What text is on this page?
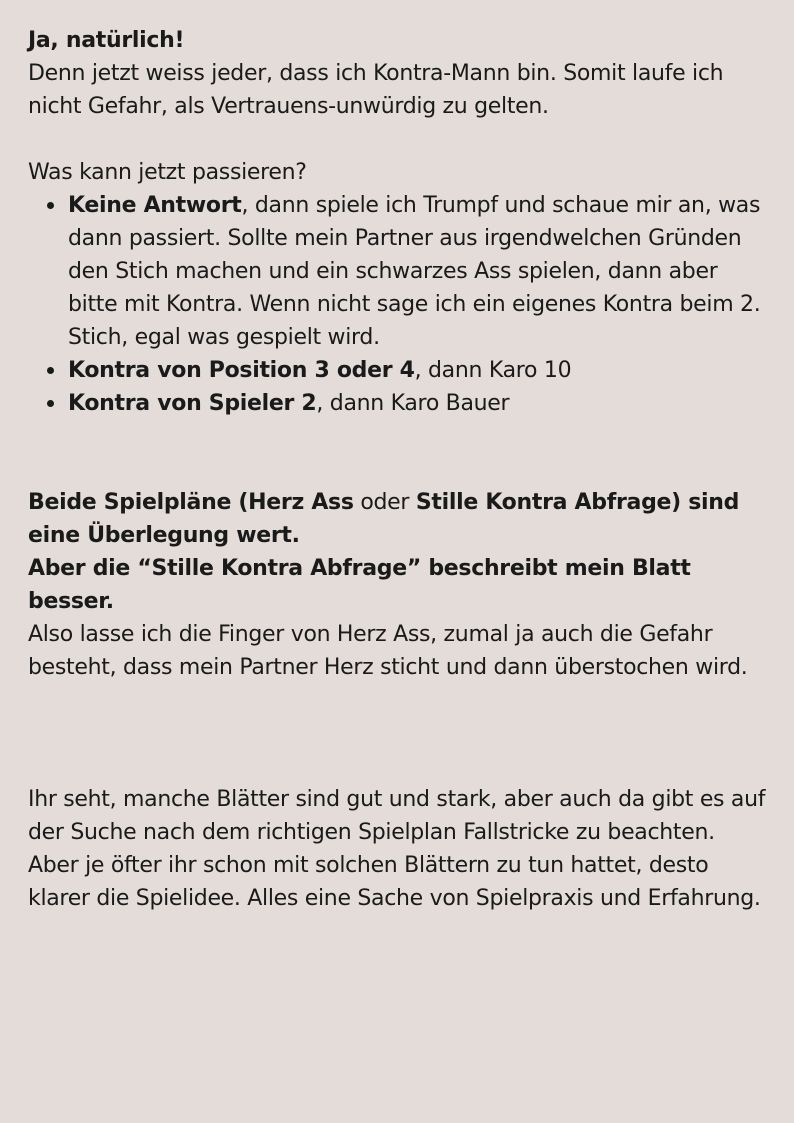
Ja, natürlich!

Denn jetzt weiss jeder, dass ich Kontra-Mann bin. Somit laufe ich nicht Gefahr, als Vertrauens-unwürdig zu gelten.

Was kann jetzt passieren?

Keine Antwort, dann spiele ich Trumpf und schaue mir an, was dann passiert. Sollte mein Partner aus irgendwelchen Gründen den Stich machen und ein schwarzes Ass spielen, dann aber bitte mit Kontra. Wenn nicht sage ich ein eigenes Kontra beim 2. Stich, egal was gespielt wird.
Kontra von Position 3 oder 4, dann Karo 10
Kontra von Spieler 2, dann Karo Bauer

Beide Spielpläne (Herz Ass oder Stille Kontra Abfrage) sind eine Überlegung wert.

Aber die “Stille Kontra Abfrage” beschreibt mein Blatt besser.

Also lasse ich die Finger von Herz Ass, zumal ja auch die Gefahr besteht, dass mein Partner Herz sticht und dann überstochen wird.

Ihr seht, manche Blätter sind gut und stark, aber auch da gibt es auf der Suche nach dem richtigen Spielplan Fallstricke zu beachten.

Aber je öfter ihr schon mit solchen Blättern zu tun hattet, desto klarer die Spielidee. Alles eine Sache von Spielpraxis und Erfahrung.
